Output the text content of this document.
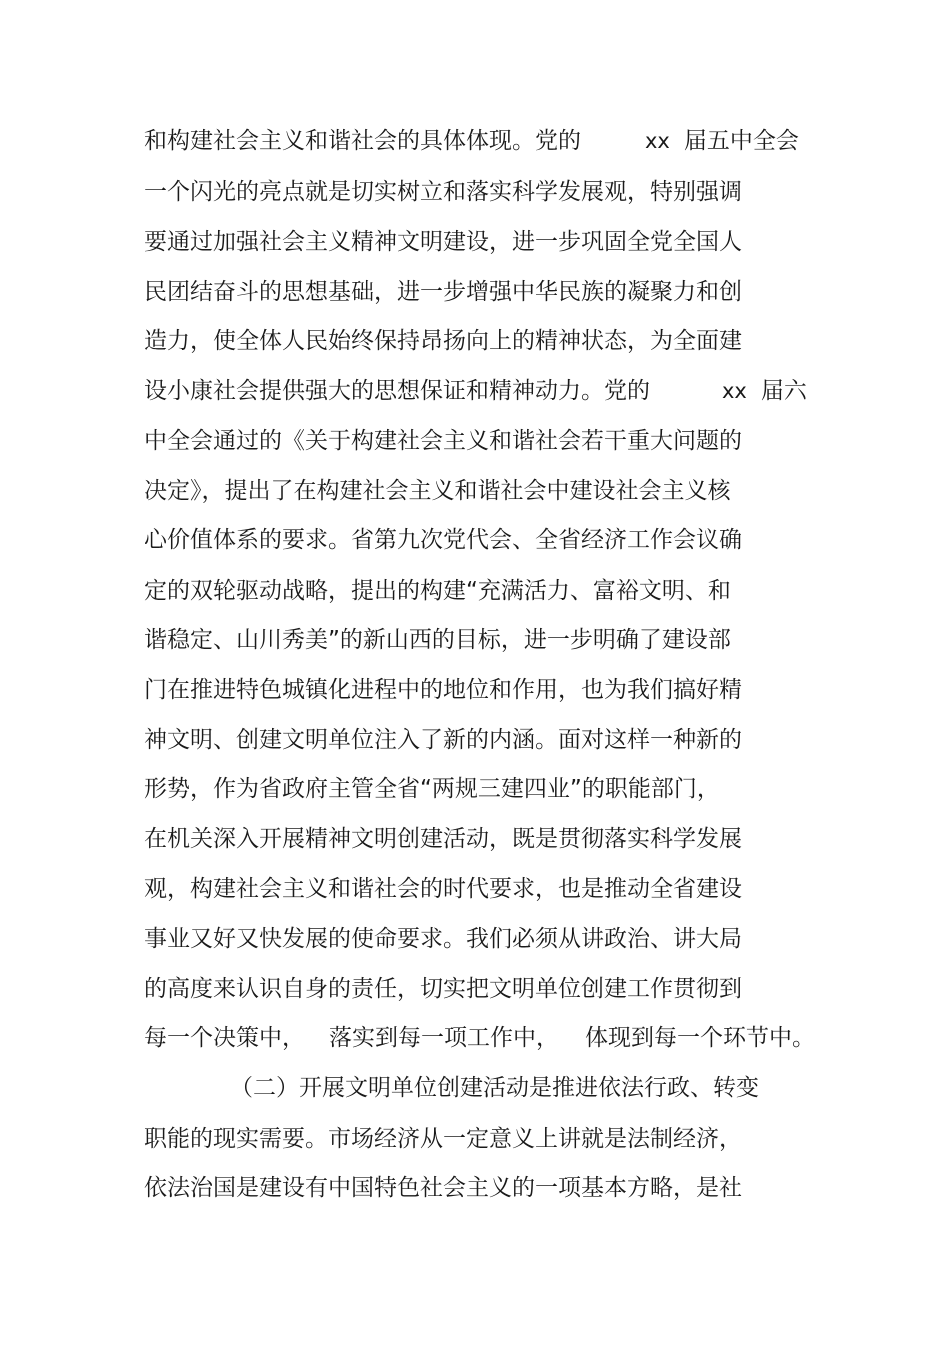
和构建社会主义和谐社会的具体体现。党的	xx 届五中全会
一个闪光的亮点就是切实树立和落实科学发展观，特别强调
要通过加强社会主义精神文明建设，进一步巩固全党全国人
民团结奋斗的思想基础，进一步增强中华民族的凝聚力和创
造力，使全体人民始终保持昂扬向上的精神状态，为全面建
设小康社会提供强大的思想保证和精神动力。党的	xx 届六
中全会通过的《关于构建社会主义和谐社会若干重大问题的
决定》，提出了在构建社会主义和谐社会中建设社会主义核
心价值体系的要求。省第九次党代会、全省经济工作会议确
定的双轮驱动战略，提出的构建“充满活力、富裕文明、和
谐稳定、山川秀美”的新山西的目标，进一步明确了建设部
门在推进特色城镇化进程中的地位和作用，也为我们搞好精
神文明、创建文明单位注入了新的内涵。面对这样一种新的
形势，作为省政府主管全省“两规三建四业”的职能部门，
在机关深入开展精神文明创建活动，既是贯彻落实科学发展
观，构建社会主义和谐社会的时代要求，也是推动全省建设
事业又好又快发展的使命要求。我们必须从讲政治、讲大局
的高度来认识自身的责任，切实把文明单位创建工作贯彻到
每一个决策中， 落实到每一项工作中， 体现到每一个环节中。
（二）开展文明单位创建活动是推进依法行政、转变
职能的现实需要。市场经济从一定意义上讲就是法制经济，
依法治国是建设有中国特色社会主义的一项基本方略，是社
